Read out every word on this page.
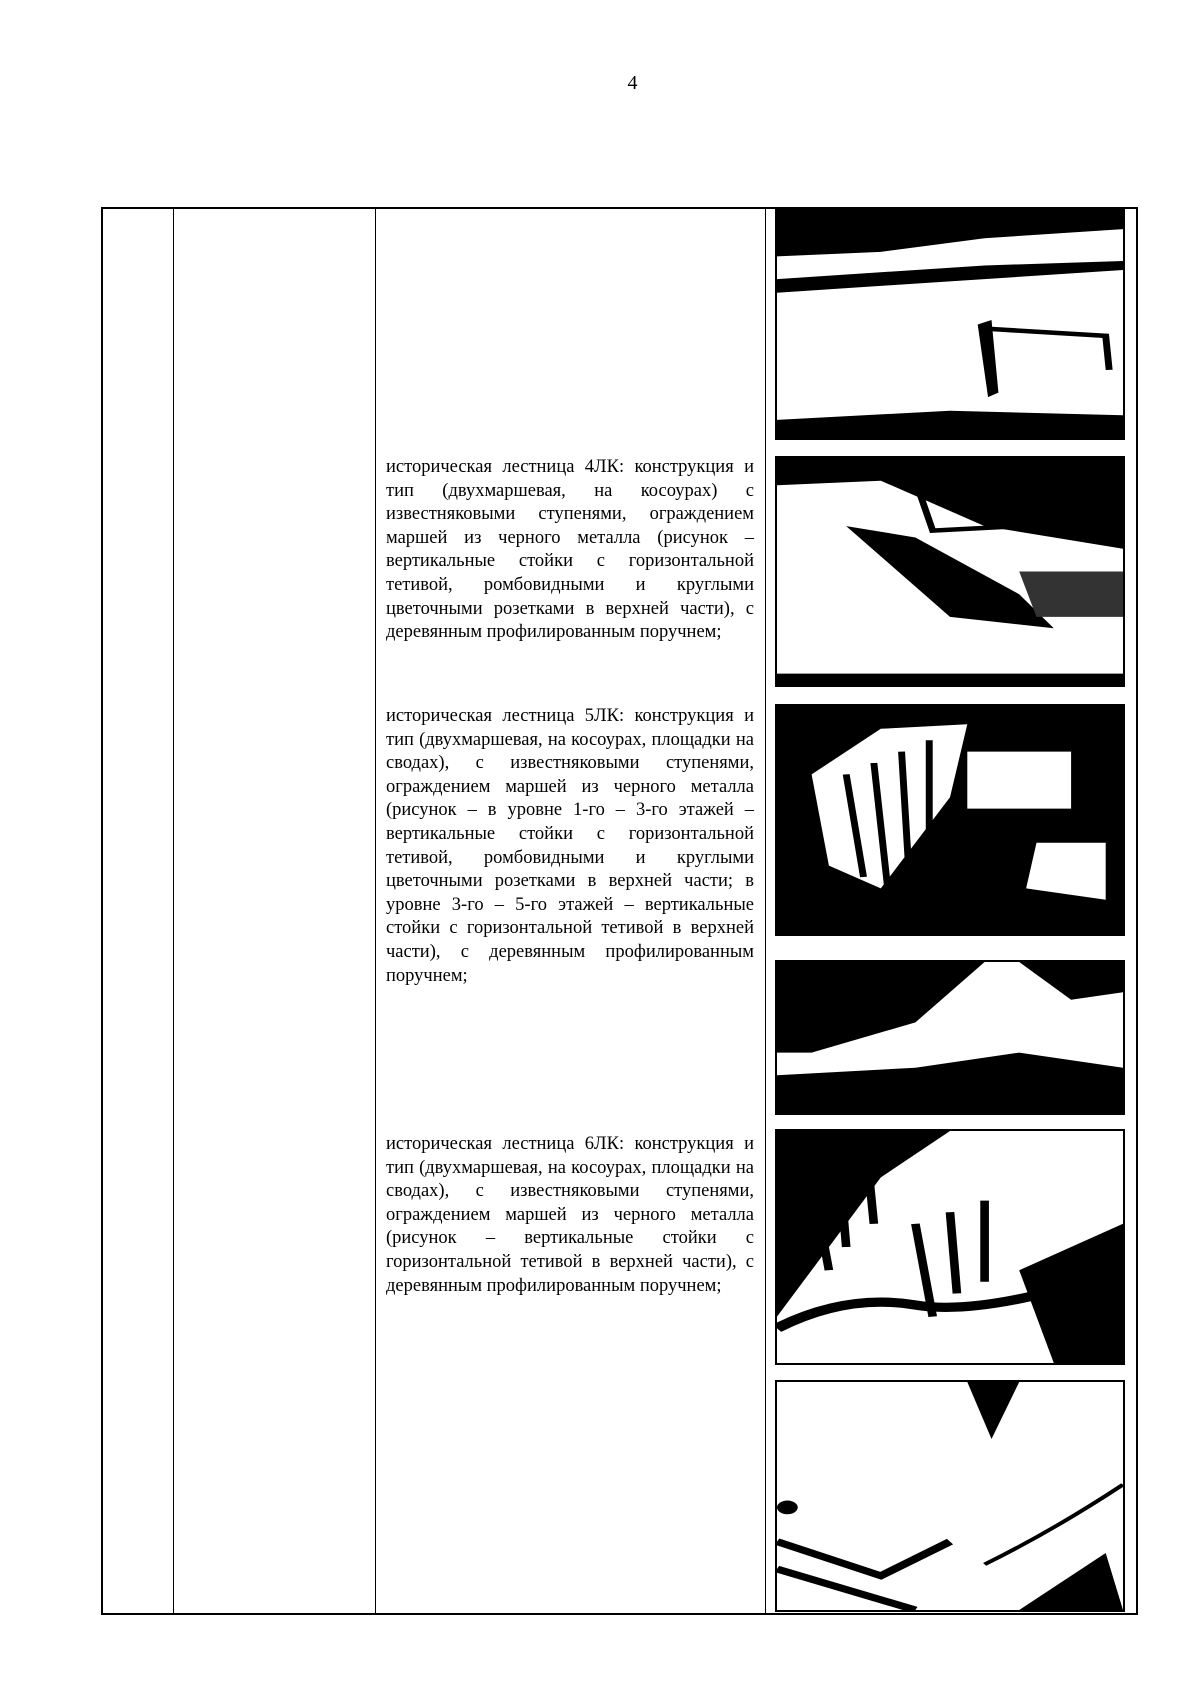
4
историческая лестница 4ЛК: конструкция и тип (двухмаршевая, на косоурах) с известняковыми ступенями, ограждением маршей из черного металла (рисунок – вертикальные стойки с горизонтальной тетивой, ромбовидными и круглыми цветочными розетками в верхней части), с деревянным профилированным поручнем;
историческая лестница 5ЛК: конструкция и тип (двухмаршевая, на косоурах, площадки на сводах), с известняковыми ступенями, ограждением маршей из черного металла (рисунок – в уровне 1-го – 3-го этажей – вертикальные стойки с горизонтальной тетивой, ромбовидными и круглыми цветочными розетками в верхней части; в уровне 3-го – 5-го этажей – вертикальные стойки с горизонтальной тетивой в верхней части), с деревянным профилированным поручнем;
историческая лестница 6ЛК: конструкция и тип (двухмаршевая, на косоурах, площадки на сводах), с известняковыми ступенями, ограждением маршей из черного металла (рисунок – вертикальные стойки с горизонтальной тетивой в верхней части), с деревянным профилированным поручнем;
